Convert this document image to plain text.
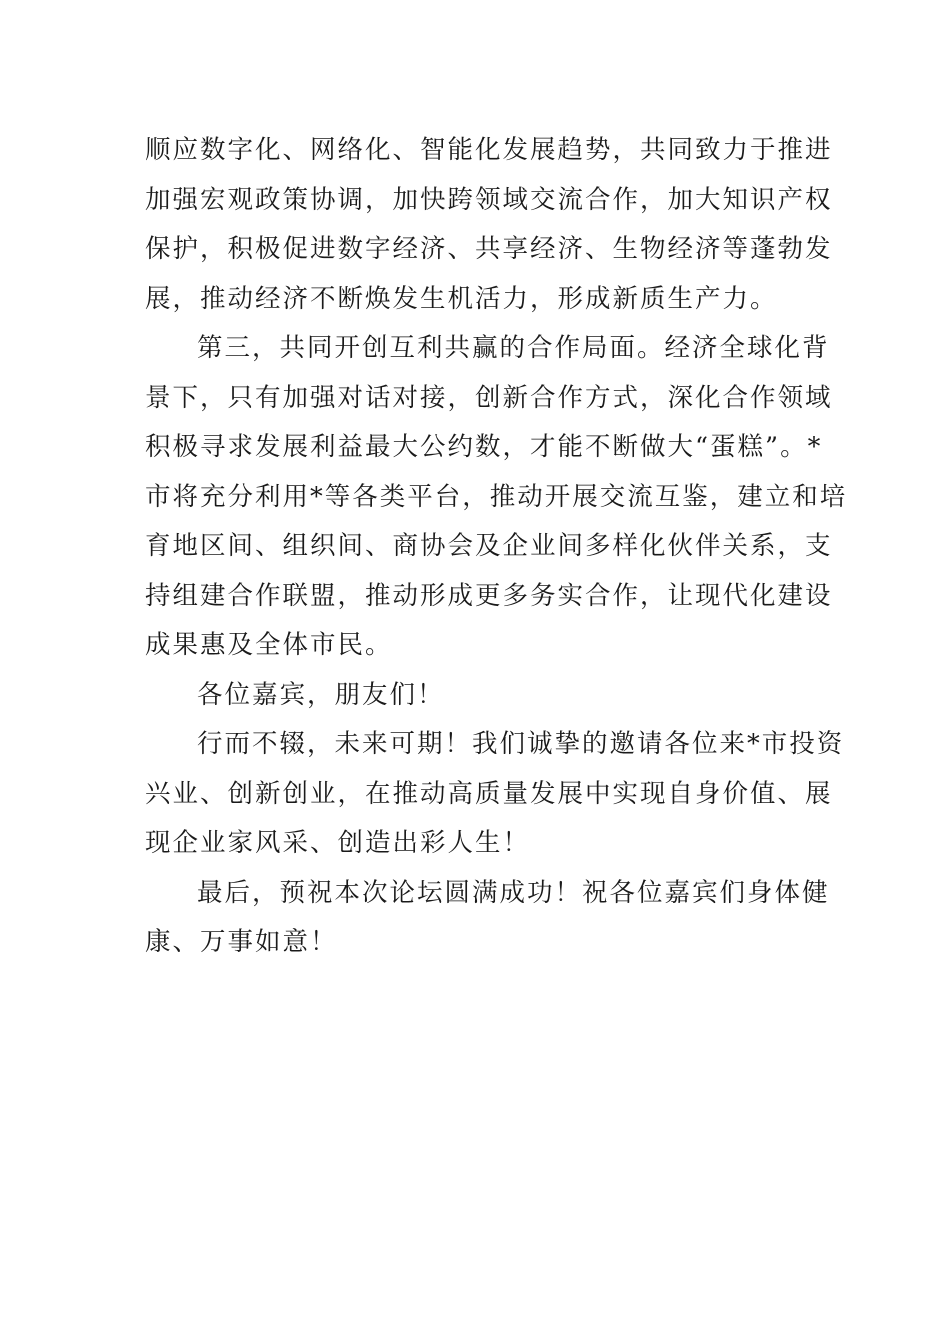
顺应数字化、网络化、智能化发展趋势，共同致力于推进
加强宏观政策协调，加快跨领域交流合作，加大知识产权
保护，积极促进数字经济、共享经济、生物经济等蓬勃发
展，推动经济不断焕发生机活力，形成新质生产力。
第三，共同开创互利共赢的合作局面。经济全球化背
景下，只有加强对话对接，创新合作方式，深化合作领域
积极寻求发展利益最大公约数，才能不断做大“蛋糕”。*
市将充分利用*等各类平台，推动开展交流互鉴，建立和培
育地区间、组织间、商协会及企业间多样化伙伴关系，支
持组建合作联盟，推动形成更多务实合作，让现代化建设
成果惠及全体市民。
各位嘉宾，朋友们！
行而不辍，未来可期！我们诚挚的邀请各位来*市投资
兴业、创新创业，在推动高质量发展中实现自身价值、展
现企业家风采、创造出彩人生！
最后，预祝本次论坛圆满成功！祝各位嘉宾们身体健
康、万事如意！
